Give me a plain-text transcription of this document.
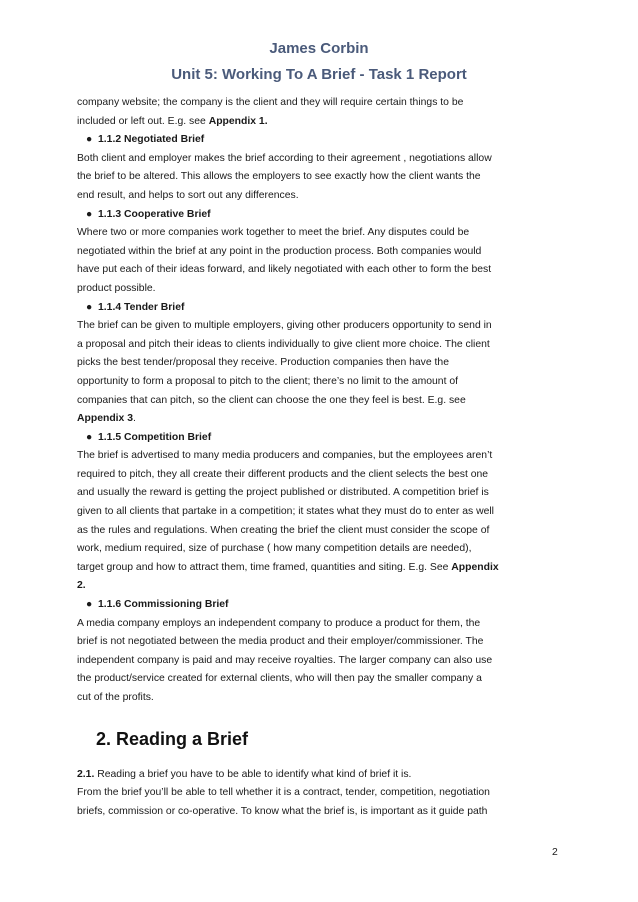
James Corbin
Unit 5: Working To A Brief - Task 1 Report
company website; the company is the client and they will require certain things to be
included or left out. E.g. see Appendix 1.
● 1.1.2 Negotiated Brief
Both client and employer makes the brief according to their agreement , negotiations allow
the brief to be altered. This allows the employers to see exactly how the client wants the
end result, and helps to sort out any differences.
● 1.1.3 Cooperative Brief
Where two or more companies work together to meet the brief. Any disputes could be
negotiated within the brief at any point in the production process. Both companies would
have put each of their ideas forward, and likely negotiated with each other to form the best
product possible.
● 1.1.4 Tender Brief
The brief can be given to multiple employers, giving other producers opportunity to send in
a proposal and pitch their ideas to clients individually to give client more choice. The client
picks the best tender/proposal they receive. Production companies then have the
opportunity to form a proposal to pitch to the client; there’s no limit to the amount of
companies that can pitch, so the client can choose the one they feel is best. E.g. see
Appendix 3.
● 1.1.5 Competition Brief
The brief is advertised to many media producers and companies, but the employees aren’t
required to pitch, they all create their different products and the client selects the best one
and usually the reward is getting the project published or distributed. A competition brief is
given to all clients that partake in a competition; it states what they must do to enter as well
as the rules and regulations. When creating the brief the client must consider the scope of
work, medium required, size of purchase ( how many competition details are needed),
target group and how to attract them, time framed, quantities and siting. E.g. See Appendix
2.
● 1.1.6 Commissioning Brief
A media company employs an independent company to produce a product for them, the
brief is not negotiated between the media product and their employer/commissioner. The
independent company is paid and may receive royalties. The larger company can also use
the product/service created for external clients, who will then pay the smaller company a
cut of the profits.
2. Reading a Brief
2.1. Reading a brief you have to be able to identify what kind of brief it is.
From the brief you’ll be able to tell whether it is a contract, tender, competition, negotiation
briefs, commission or co-operative. To know what the brief is, is important as it guide path
2
